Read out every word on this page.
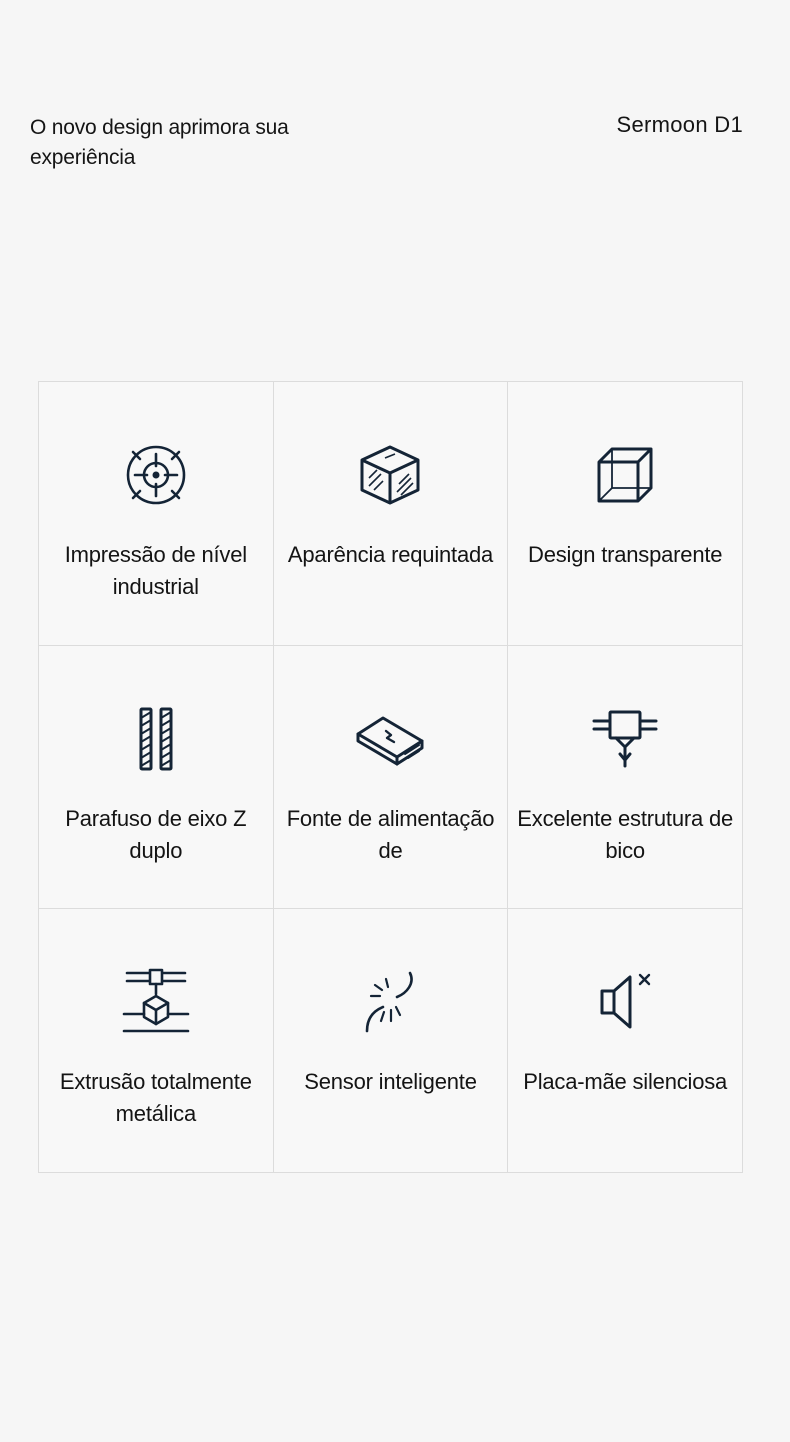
O novo design aprimora sua experiência
Sermoon D1
Impressão de nível industrial
Aparência requintada	Design transparente
Parafuso de eixo Z duplo
Fonte de alimentação de
Excelente estrutura de bico
Extrusão totalmente metálica
Sensor inteligente	Placa-mãe silenciosa
